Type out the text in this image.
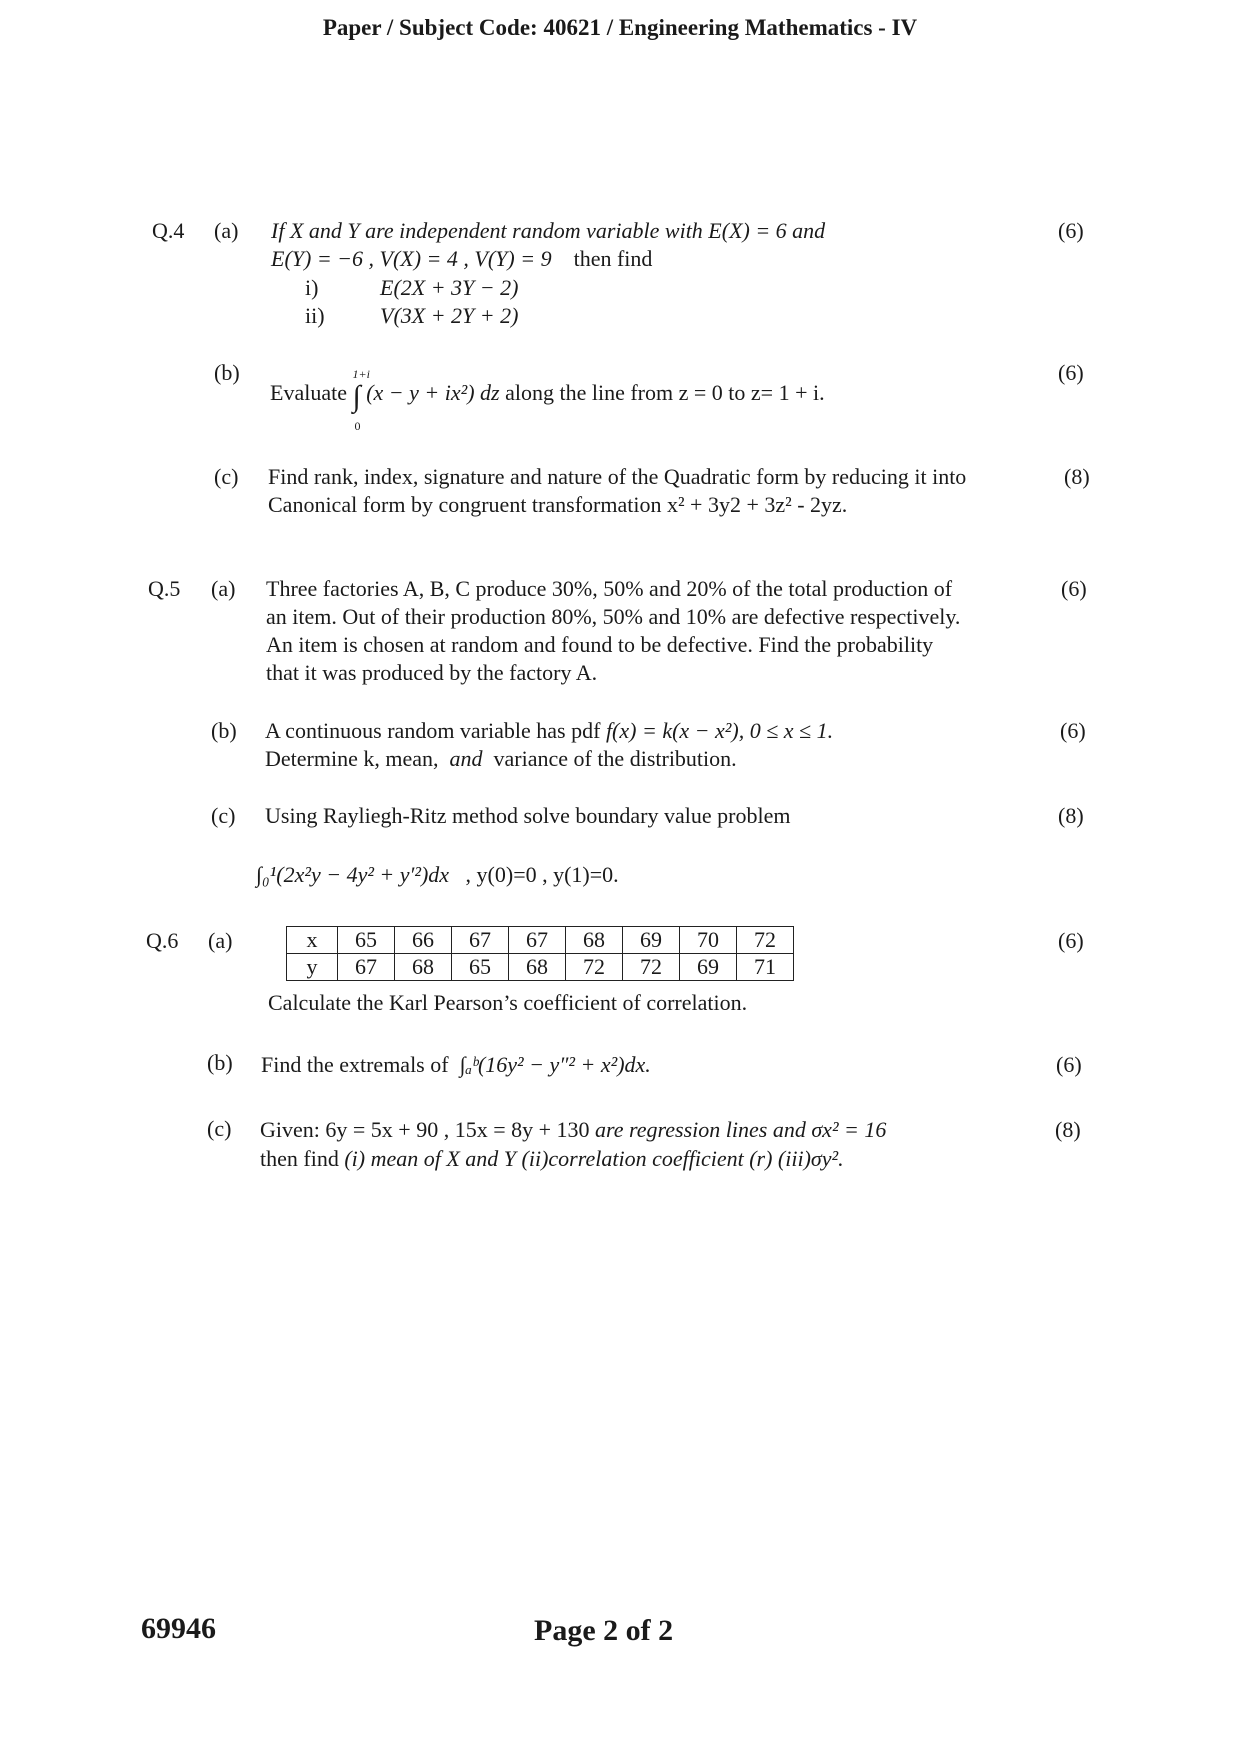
Paper / Subject Code: 40621 / Engineering Mathematics - IV
Q.4 (a) If X and Y are independent random variable with E(X) = 6 and	(6)
E(Y) = −6 , V(X) = 4 , V(Y) = 9 then find
i)	E(2X + 3Y − 2)
ii)	V(3X + 2Y + 2)
(b)	(6)
Evaluate ∫
1+i
0
(x − y + ix²) dz along the line from z = 0 to z= 1 + i.
(c) Find rank, index, signature and nature of the Quadratic form by reducing it into	(8)
Canonical form by congruent transformation x² + 3y2 + 3z² - 2yz.
Q.5 (a) Three factories A, B, C produce 30%, 50% and 20% of the total production of
an item. Out of their production 80%, 50% and 10% are defective respectively.
An item is chosen at random and found to be defective. Find the probability
that it was produced by the factory A.
(6)
(b) A continuous random variable has pdf f(x) = k(x − x²), 0 ≤ x ≤ 1.	(6)
Determine k, mean, and variance of the distribution.
(c) Using Rayliegh-Ritz method solve boundary value problem	(8)
∫₀¹(2x²y − 4y² + y′²)dx , y(0)=0 , y(1)=0.
Q.6 (a)	(6)
x	65	66	67	67	68	69	70	72
y	67	68	65	68	72	72	69	71
Calculate the Karl Pearson’s coefficient of correlation.
(b) Find the extremals of ∫ₐᵇ(16y² − y″² + x²)dx.	(6)
(c) Given: 6y = 5x + 90 , 15x = 8y + 130 are regression lines and σx² = 16	(8)
then find (i) mean of X and Y (ii)correlation coefficient (r) (iii)σy².
69946	Page 2 of 2
